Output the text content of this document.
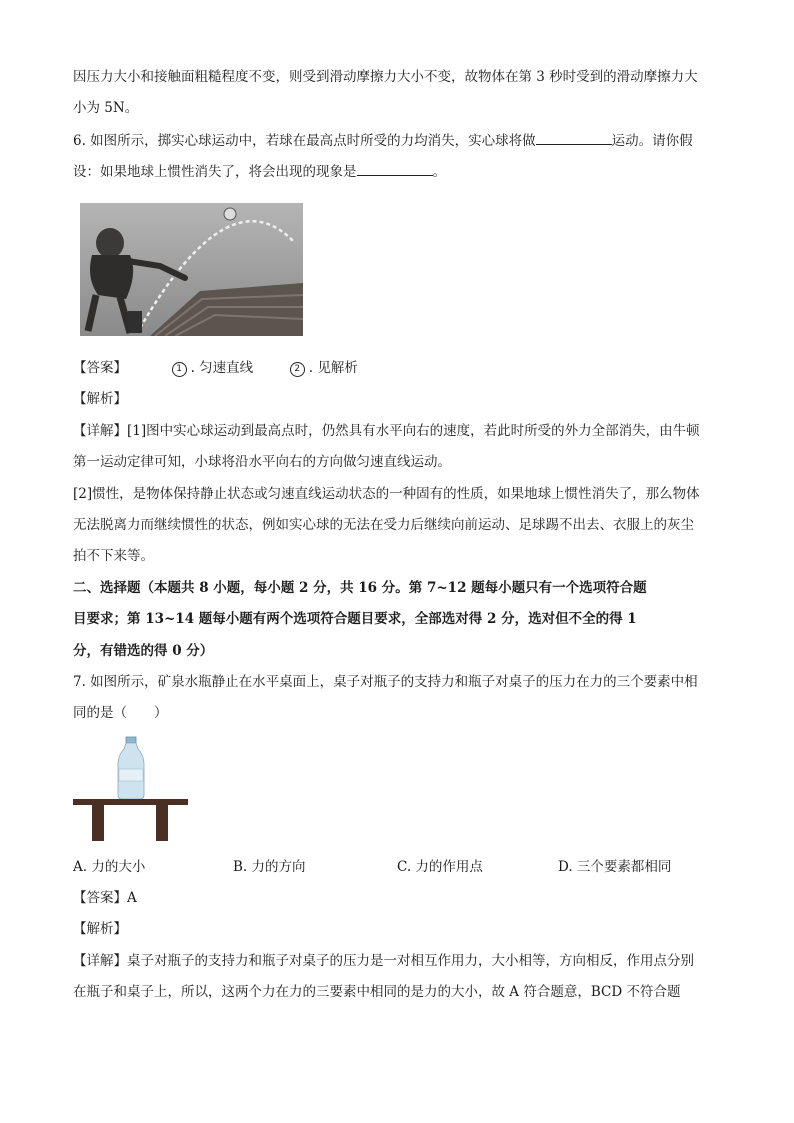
因压力大小和接触面粗糙程度不变，则受到滑动摩擦力大小不变，故物体在第 3 秒时受到的滑动摩擦力大
小为 5N。
6. 如图所示，掷实心球运动中，若球在最高点时所受的力均消失，实心球将做	运动。请你假
设：如果地球上惯性消失了，将会出现的现象是	。
【答案】	1 . 匀速直线	2 . 见解析
【解析】
【详解】[1]图中实心球运动到最高点时，仍然具有水平向右的速度，若此时所受的外力全部消失，由牛顿
第一运动定律可知，小球将沿水平向右的方向做匀速直线运动。
[2]惯性，是物体保持静止状态或匀速直线运动状态的一种固有的性质，如果地球上惯性消失了，那么物体
无法脱离力而继续惯性的状态，例如实心球的无法在受力后继续向前运动、足球踢不出去、衣服上的灰尘
拍不下来等。
二、选择题（本题共 8 小题，每小题 2 分，共 16 分。第 7~12 题每小题只有一个选项符合题
目要求；第 13~14 题每小题有两个选项符合题目要求，全部选对得 2 分，选对但不全的得 1
分，有错选的得 0 分）
7. 如图所示，矿泉水瓶静止在水平桌面上，桌子对瓶子的支持力和瓶子对桌子的压力在力的三个要素中相
同的是（　　）
A. 力的大小	B. 力的方向	C. 力的作用点	D. 三个要素都相同
【答案】A
【解析】
【详解】桌子对瓶子的支持力和瓶子对桌子的压力是一对相互作用力，大小相等，方向相反，作用点分别
在瓶子和桌子上，所以，这两个力在力的三要素中相同的是力的大小，故 A 符合题意，BCD 不符合题
